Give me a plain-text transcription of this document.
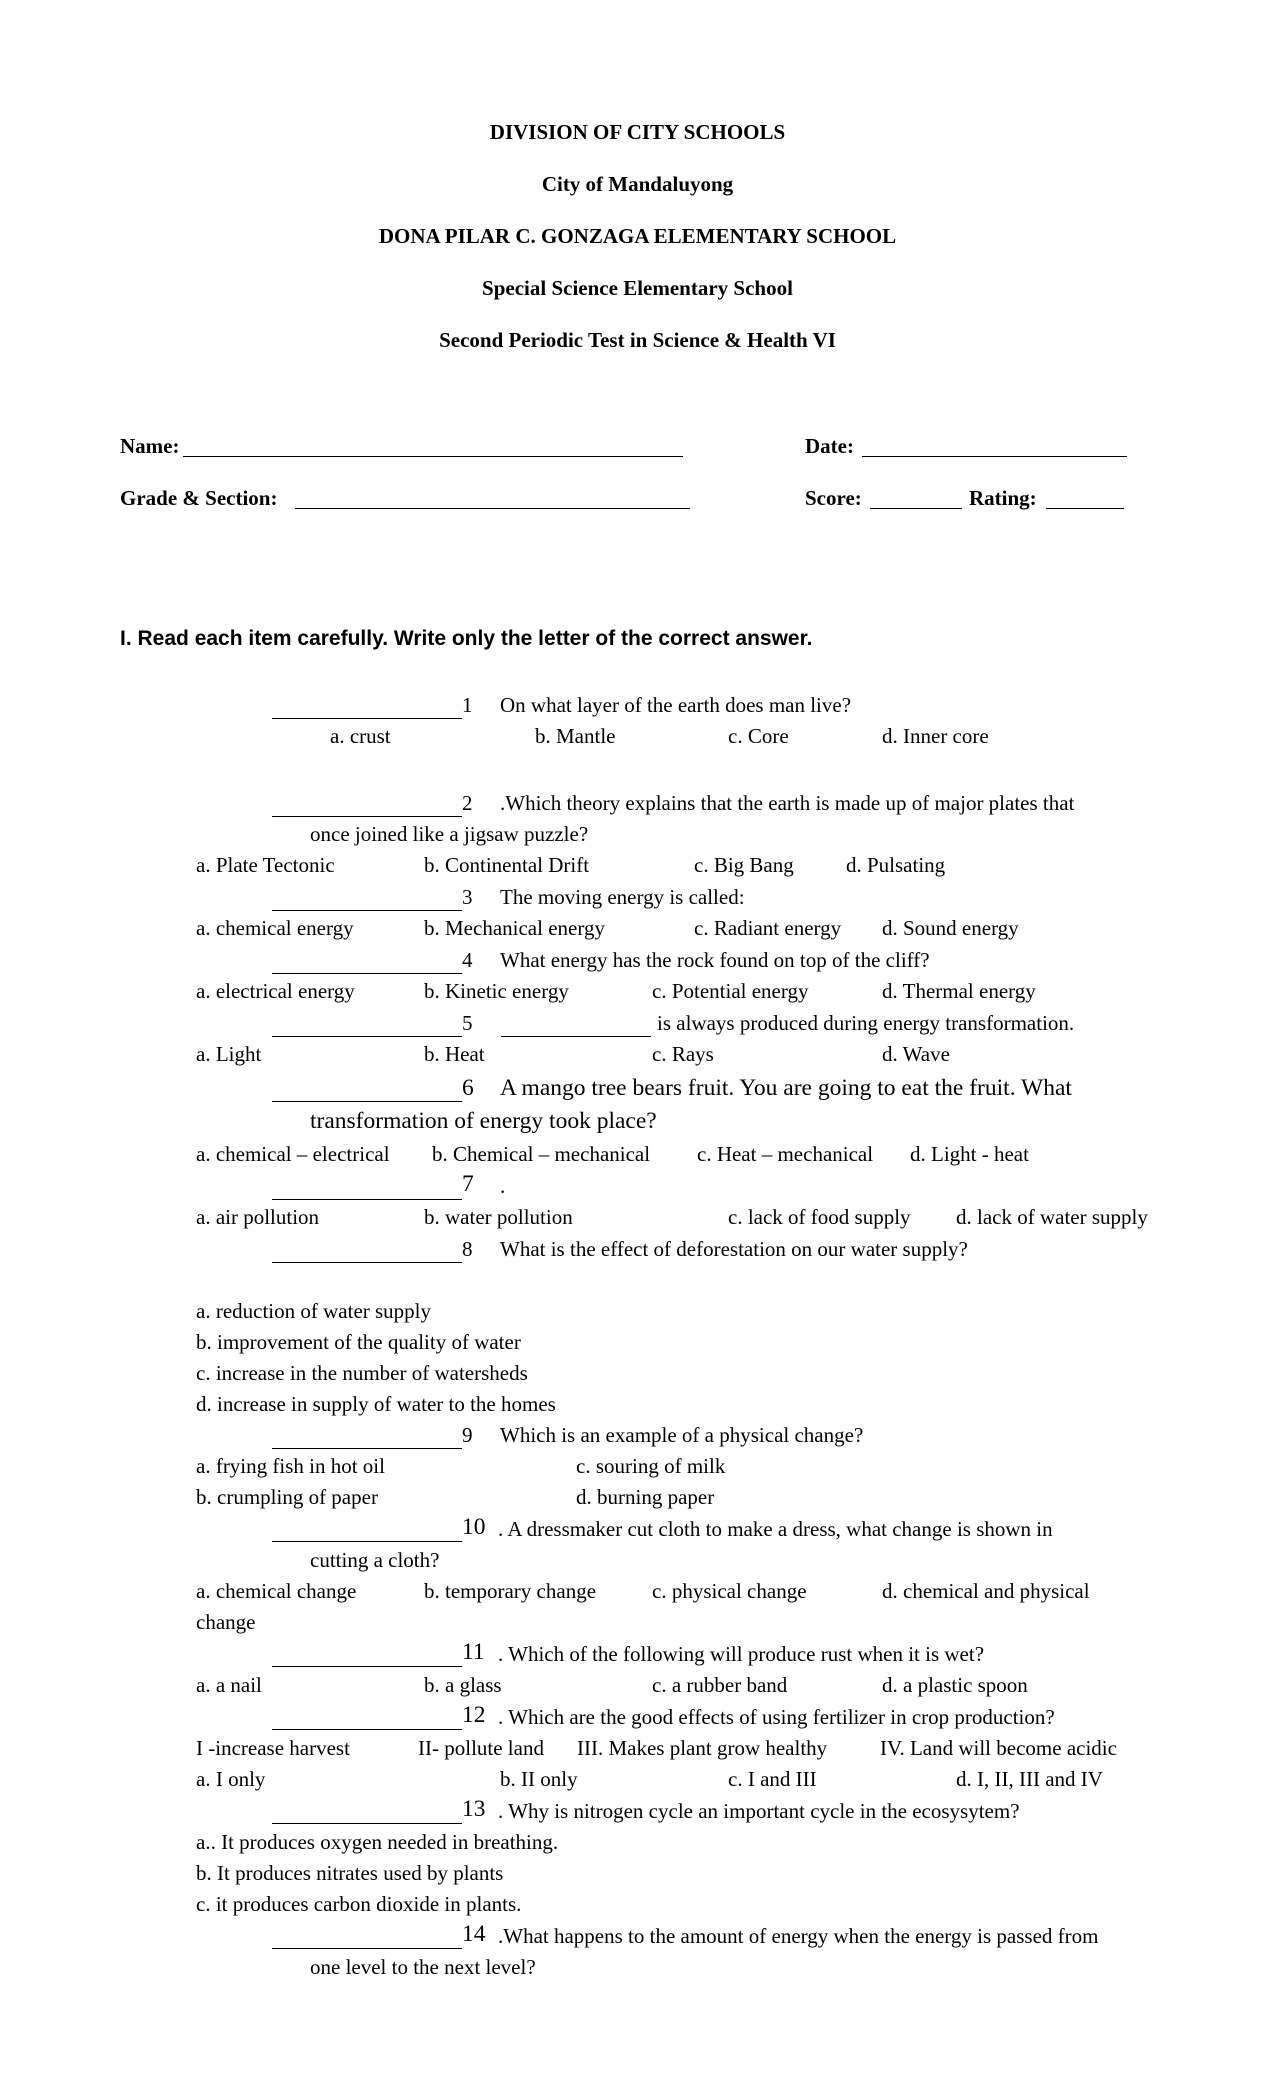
DIVISION OF CITY SCHOOLS
City of Mandaluyong
DONA PILAR C. GONZAGA ELEMENTARY SCHOOL
Special Science Elementary School
Second Periodic Test in Science & Health VI
Name:	Date:
Grade & Section:	Score:	Rating:
I. Read each item carefully. Write only the letter of the correct answer.
1 On what layer of the earth does man live?
a. crust	b. Mantle	c. Core	d. Inner core
2 .Which theory explains that the earth is made up of major plates that
once joined like a jigsaw puzzle?
a. Plate Tectonic	b. Continental Drift	c. Big Bang d. Pulsating
3 The moving energy is called:
a. chemical energy	b. Mechanical energy	c. Radiant energy d. Sound energy
4 What energy has the rock found on top of the cliff?
a. electrical energy	b. Kinetic energy	c. Potential energy	d. Thermal energy
5	is always produced during energy transformation.
a. Light	b. Heat	c. Rays	d. Wave
6 A mango tree bears fruit. You are going to eat the fruit. What
transformation of energy took place?
a. chemical – electrical b. Chemical – mechanical c. Heat – mechanical d. Light - heat
7 .
a. air pollution	b. water pollution	c. lack of food supply d. lack of water supply
8 What is the effect of deforestation on our water supply?
a. reduction of water supply
b. improvement of the quality of water
c. increase in the number of watersheds
d. increase in supply of water to the homes
9 Which is an example of a physical change?
a. frying fish in hot oil	c. souring of milk
b. crumpling of paper	d. burning paper
10 . A dressmaker cut cloth to make a dress, what change is shown in
cutting a cloth?
a. chemical change	b. temporary change	c. physical change	d. chemical and physical
change
11 . Which of the following will produce rust when it is wet?
a. a nail	b. a glass	c. a rubber band	d. a plastic spoon
12 . Which are the good effects of using fertilizer in crop production?
I -increase harvest	II- pollute land III. Makes plant grow healthy	IV. Land will become acidic
a. I only	b. II only	c. I and III	d. I, II, III and IV
13 . Why is nitrogen cycle an important cycle in the ecosysytem?
a.. It produces oxygen needed in breathing.
b. It produces nitrates used by plants
c. it produces carbon dioxide in plants.
14 .What happens to the amount of energy when the energy is passed from
one level to the next level?
